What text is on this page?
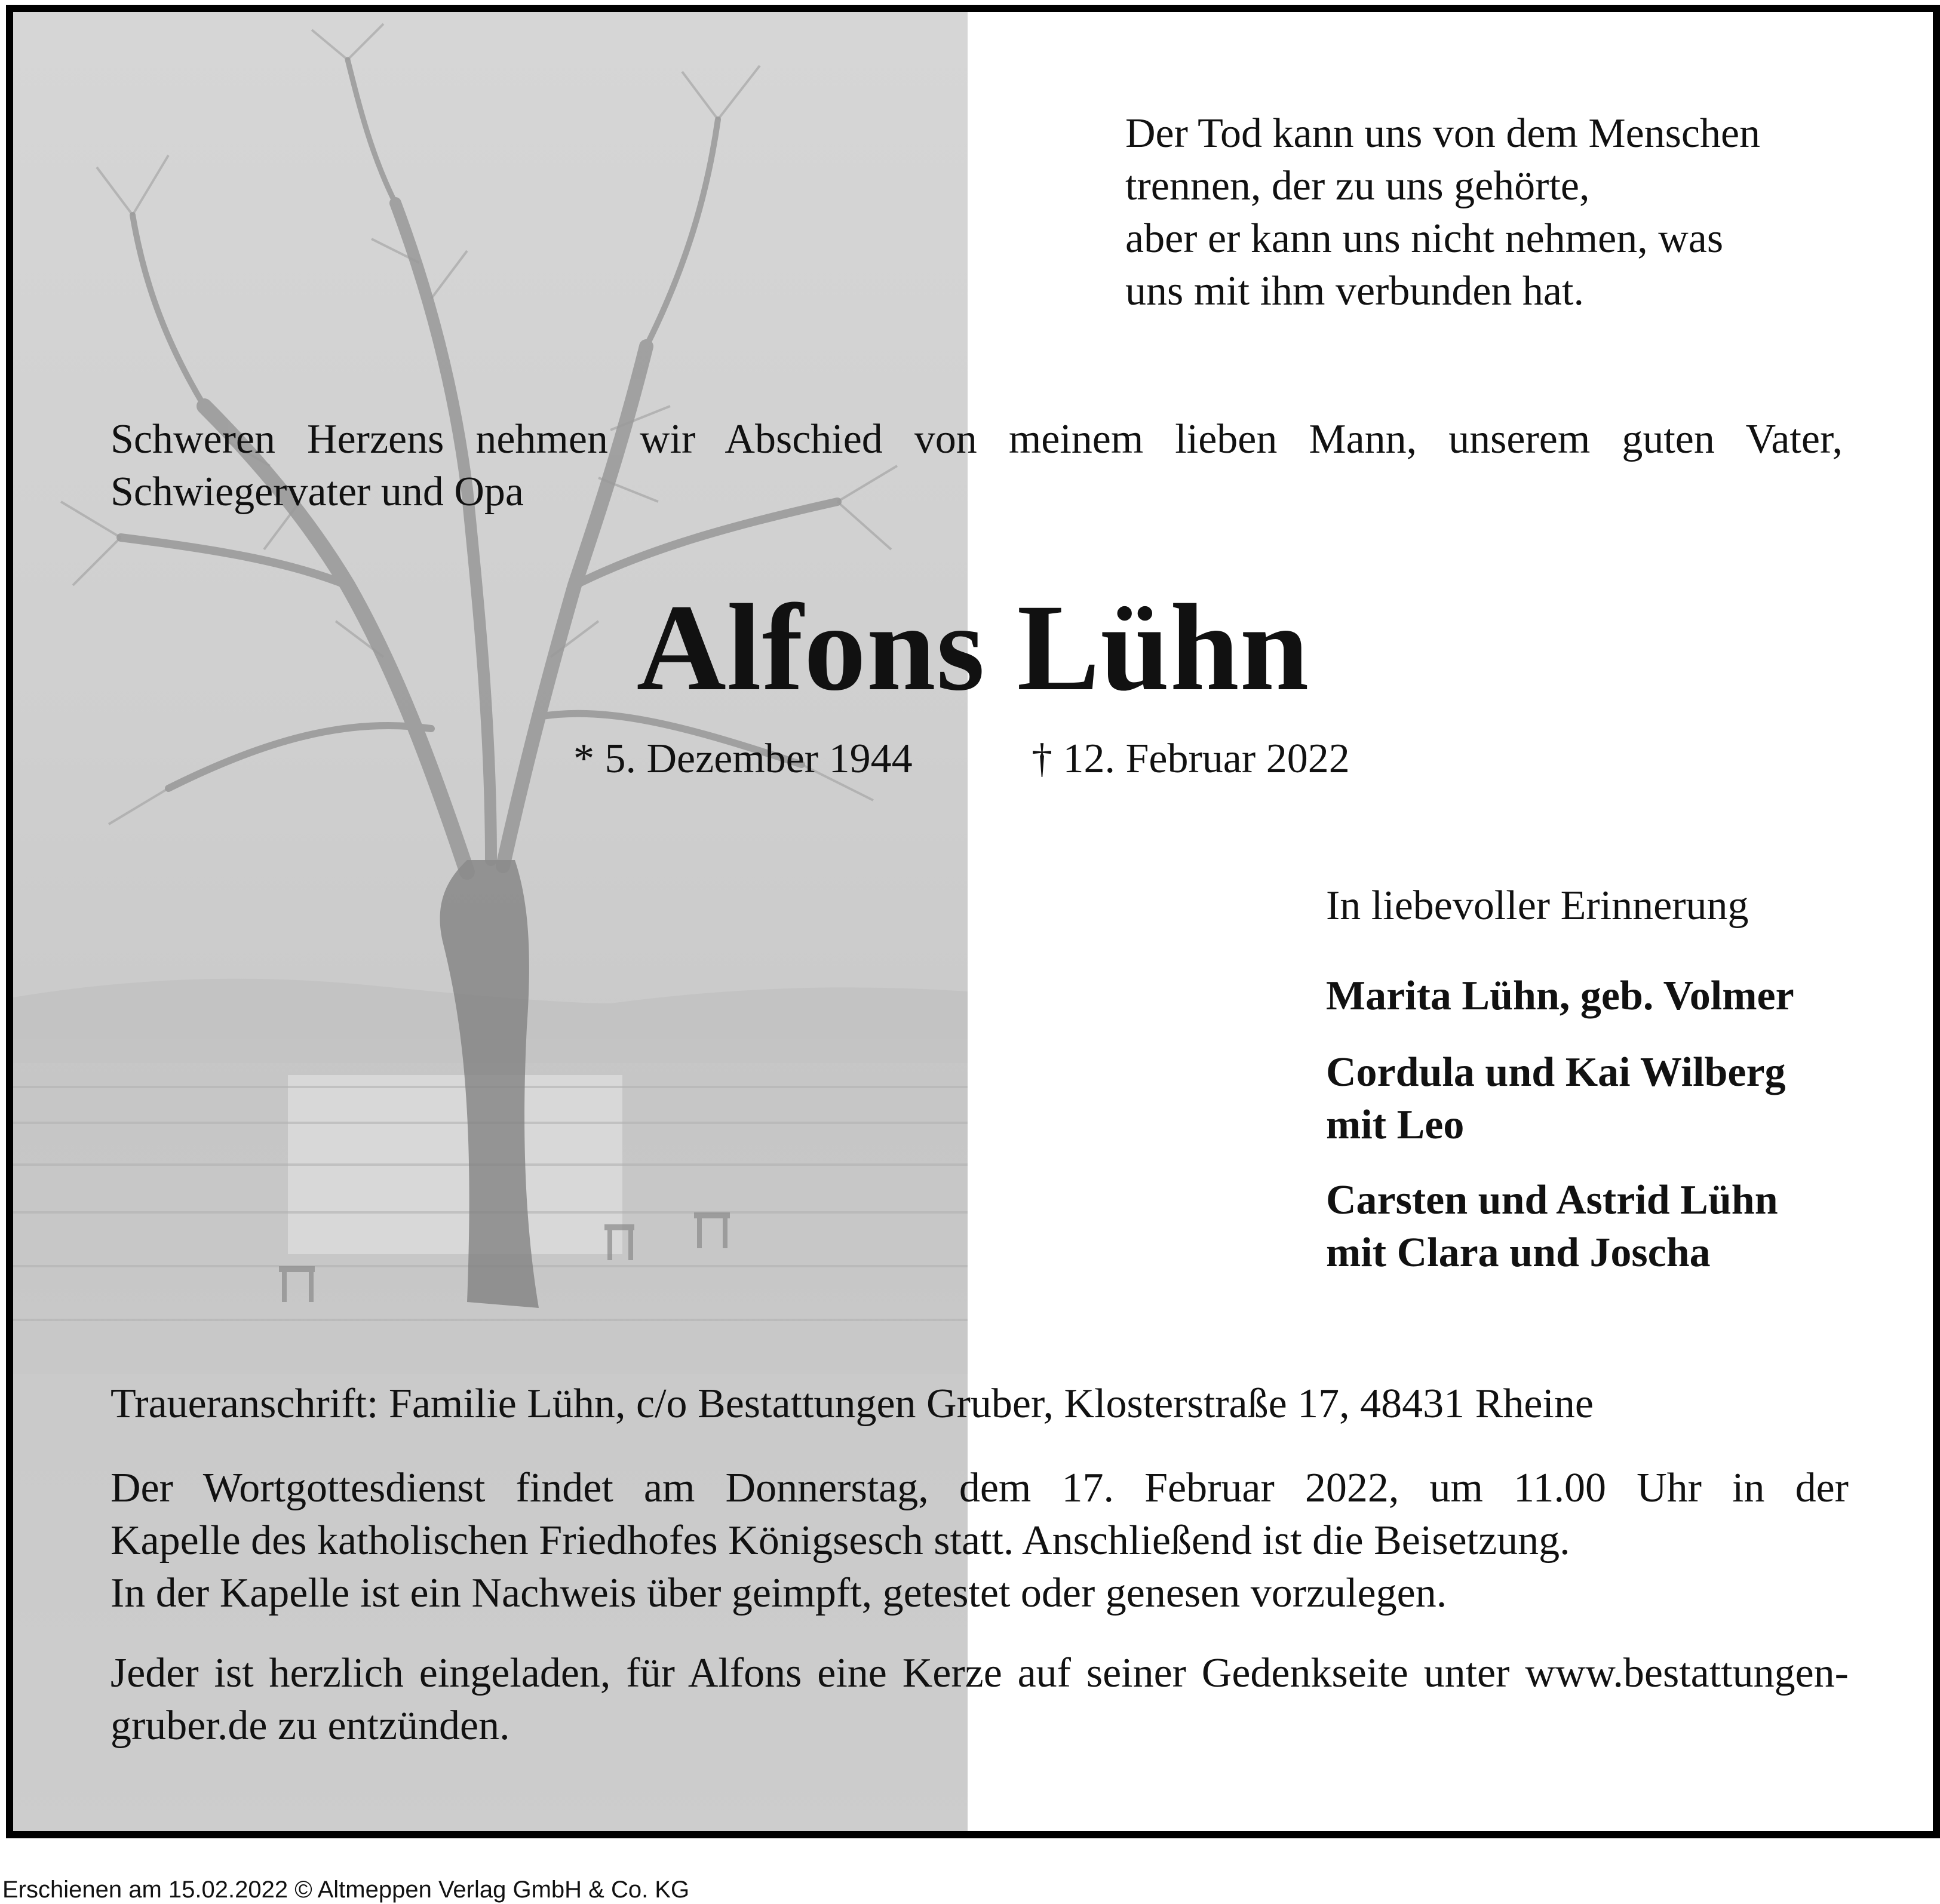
Der Tod kann uns von dem Menschen
trennen, der zu uns gehörte,
aber er kann uns nicht nehmen, was
uns mit ihm verbunden hat.
Schweren Herzens nehmen wir Abschied von meinem lieben Mann, unserem guten Vater,
Schwiegervater und Opa
Alfons Lühn
* 5. Dezember 1944	† 12. Februar 2022
In liebevoller Erinnerung
Marita Lühn, geb. Volmer
Cordula und Kai Wilberg
mit Leo
Carsten und Astrid Lühn
mit Clara und Joscha
Traueranschrift: Familie Lühn, c/o Bestattungen Gruber, Klosterstraße 17, 48431 Rheine
Der Wortgottesdienst findet am Donnerstag, dem 17. Februar 2022, um 11.00 Uhr in der
Kapelle des katholischen Friedhofes Königsesch statt. Anschließend ist die Beisetzung.
In der Kapelle ist ein Nachweis über geimpft, getestet oder genesen vorzulegen.
Jeder ist herzlich eingeladen, für Alfons eine Kerze auf seiner Gedenkseite unter www.bestattungen-gruber.de zu entzünden.
Erschienen am 15.02.2022 © Altmeppen Verlag GmbH & Co. KG
